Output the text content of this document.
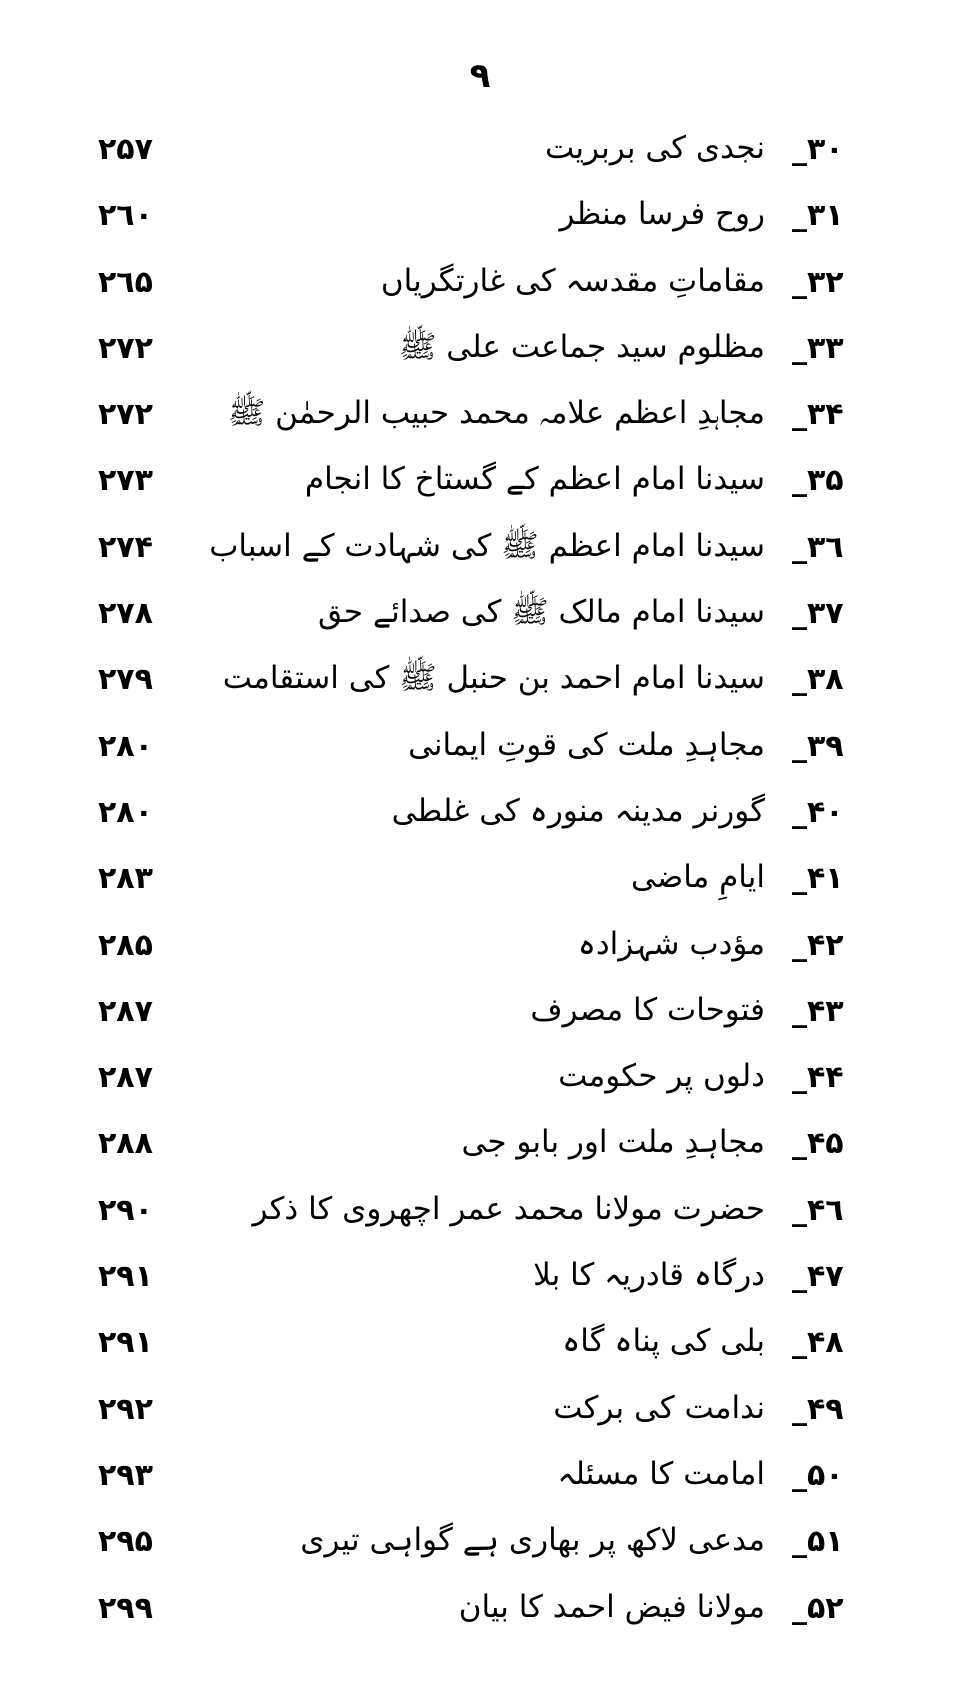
۹
۳۰_
نجدی کی بربریت
۲۵۷
۳۱_
روح فرسا منظر
۲٦۰
۳۲_
مقاماتِ مقدسہ کی غارتگریاں
۲٦۵
۳۳_
مظلوم سید جماعت علی ﷺ
۲۷۲
۳۴_
مجاہدِ اعظم علامہ محمد حبیب الرحمٰن ﷺ
۲۷۲
۳۵_
سیدنا امام اعظم کے گستاخ کا انجام
۲۷۳
۳٦_
سیدنا امام اعظم ﷺ کی شہادت کے اسباب
۲۷۴
۳۷_
سیدنا امام مالک ﷺ کی صدائے حق
۲۷۸
۳۸_
سیدنا امام احمد بن حنبل ﷺ کی استقامت
۲۷۹
۳۹_
مجاہدِ ملت کی قوتِ ایمانی
۲۸۰
۴۰_
گورنر مدینہ منورہ کی غلطی
۲۸۰
۴۱_
ایامِ ماضی
۲۸۳
۴۲_
مؤدب شہزادہ
۲۸۵
۴۳_
فتوحات کا مصرف
۲۸۷
۴۴_
دلوں پر حکومت
۲۸۷
۴۵_
مجاہدِ ملت اور بابو جی
۲۸۸
۴٦_
حضرت مولانا محمد عمر اچھروی کا ذکر
۲۹۰
۴۷_
درگاہ قادریہ کا بلا
۲۹۱
۴۸_
بلی کی پناہ گاہ
۲۹۱
۴۹_
ندامت کی برکت
۲۹۲
۵۰_
امامت کا مسئلہ
۲۹۳
۵۱_
مدعی لاکھ پر بھاری ہے گواہی تیری
۲۹۵
۵۲_
مولانا فیض احمد کا بیان
۲۹۹
